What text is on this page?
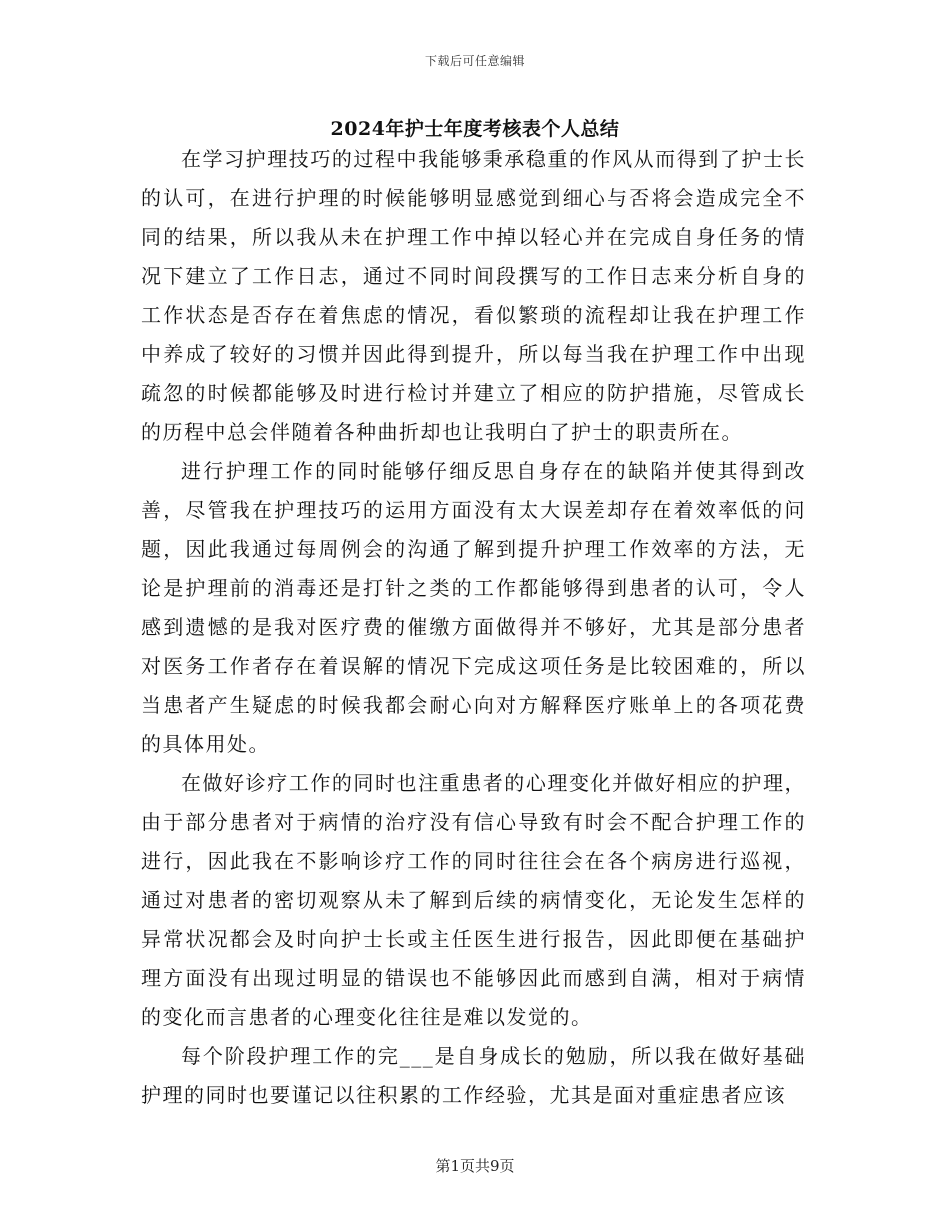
下载后可任意编辑
2024年护士年度考核表个人总结

在学习护理技巧的过程中我能够秉承稳重的作风从而得到了护士长的认可，在进行护理的时候能够明显感觉到细心与否将会造成完全不同的结果，所以我从未在护理工作中掉以轻心并在完成自身任务的情况下建立了工作日志，通过不同时间段撰写的工作日志来分析自身的工作状态是否存在着焦虑的情况，看似繁琐的流程却让我在护理工作中养成了较好的习惯并因此得到提升，所以每当我在护理工作中出现疏忽的时候都能够及时进行检讨并建立了相应的防护措施，尽管成长的历程中总会伴随着各种曲折却也让我明白了护士的职责所在。

进行护理工作的同时能够仔细反思自身存在的缺陷并使其得到改善，尽管我在护理技巧的运用方面没有太大误差却存在着效率低的问题，因此我通过每周例会的沟通了解到提升护理工作效率的方法，无论是护理前的消毒还是打针之类的工作都能够得到患者的认可，令人感到遗憾的是我对医疗费的催缴方面做得并不够好，尤其是部分患者对医务工作者存在着误解的情况下完成这项任务是比较困难的，所以当患者产生疑虑的时候我都会耐心向对方解释医疗账单上的各项花费的具体用处。

在做好诊疗工作的同时也注重患者的心理变化并做好相应的护理，由于部分患者对于病情的治疗没有信心导致有时会不配合护理工作的进行，因此我在不影响诊疗工作的同时往往会在各个病房进行巡视，通过对患者的密切观察从未了解到后续的病情变化，无论发生怎样的异常状况都会及时向护士长或主任医生进行报告，因此即便在基础护理方面没有出现过明显的错误也不能够因此而感到自满，相对于病情的变化而言患者的心理变化往往是难以发觉的。

每个阶段护理工作的完___是自身成长的勉励，所以我在做好基础护理的同时也要谨记以往积累的工作经验，尤其是面对重症患者应该

第1页共9页
